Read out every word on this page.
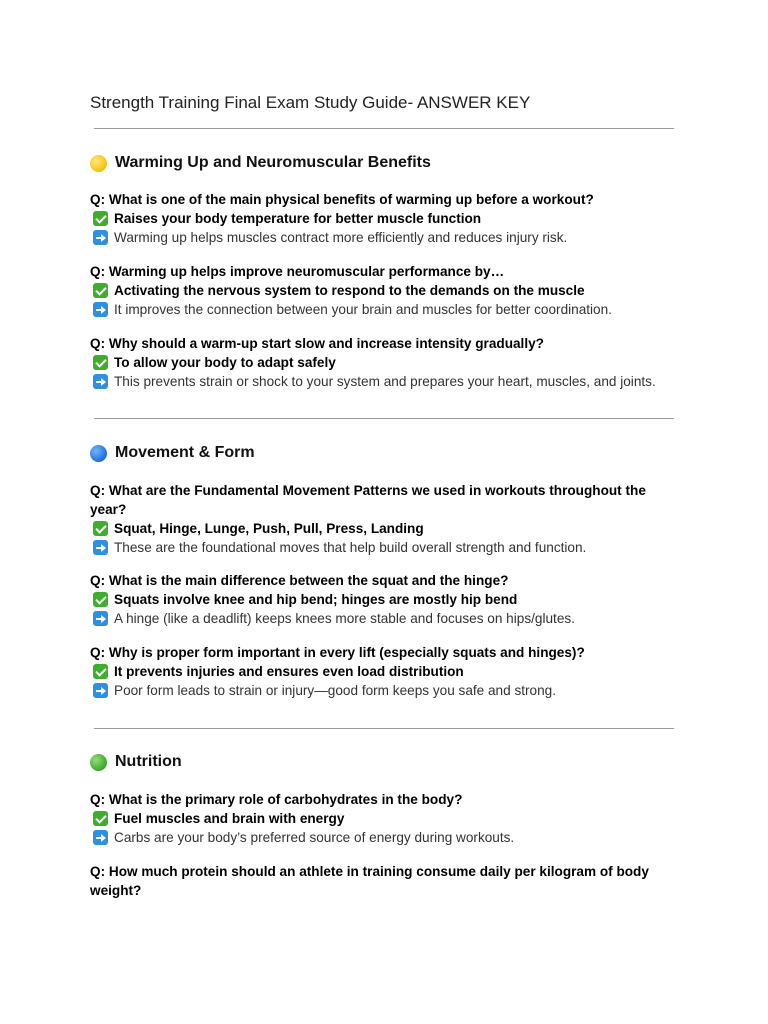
Strength Training Final Exam Study Guide- ANSWER KEY
Warming Up and Neuromuscular Benefits
Q: What is one of the main physical benefits of warming up before a workout?
Raises your body temperature for better muscle function
Warming up helps muscles contract more efficiently and reduces injury risk.
Q: Warming up helps improve neuromuscular performance by…
Activating the nervous system to respond to the demands on the muscle
It improves the connection between your brain and muscles for better coordination.
Q: Why should a warm-up start slow and increase intensity gradually?
To allow your body to adapt safely
This prevents strain or shock to your system and prepares your heart, muscles, and joints.
Movement & Form
Q: What are the Fundamental Movement Patterns we used in workouts throughout the year?
Squat, Hinge, Lunge, Push, Pull, Press, Landing
These are the foundational moves that help build overall strength and function.
Q: What is the main difference between the squat and the hinge?
Squats involve knee and hip bend; hinges are mostly hip bend
A hinge (like a deadlift) keeps knees more stable and focuses on hips/glutes.
Q: Why is proper form important in every lift (especially squats and hinges)?
It prevents injuries and ensures even load distribution
Poor form leads to strain or injury—good form keeps you safe and strong.
Nutrition
Q: What is the primary role of carbohydrates in the body?
Fuel muscles and brain with energy
Carbs are your body’s preferred source of energy during workouts.
Q: How much protein should an athlete in training consume daily per kilogram of body weight?
